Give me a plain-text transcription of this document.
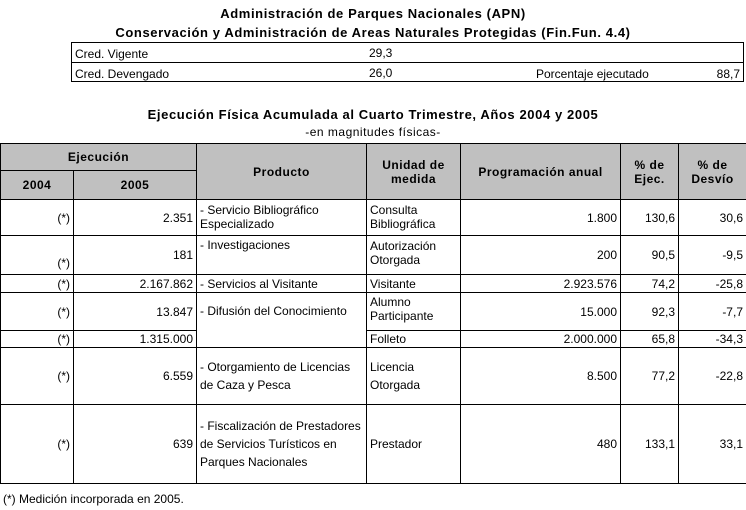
Administración de Parques Nacionales (APN)
Conservación y Administración de Areas Naturales Protegidas (Fin.Fun. 4.4)
Cred. Vigente	29,3
Cred. Devengado	26,0	Porcentaje ejecutado	88,7
Ejecución Física Acumulada al Cuarto Trimestre, Años 2004 y 2005
-en magnitudes físicas-
Ejecución		Producto	Unidad de medida	Programación anual	% de Ejec.	% de Desvío
2004	2005					
(*)	2.351	- Servicio Bibliográfico Especializado	Consulta Bibliográfica	1.800	130,6	30,6
(*)	181	- Investigaciones	Autorización Otorgada	200	90,5	-9,5
(*)	2.167.862	- Servicios al Visitante	Visitante	2.923.576	74,2	-25,8
(*)	13.847	- Difusión del Conocimiento	Alumno Participante	15.000	92,3	-7,7
(*)	1.315.000		Folleto	2.000.000	65,8	-34,3
(*)	6.559	- Otorgamiento de Licencias de Caza y Pesca	Licencia Otorgada	8.500	77,2	-22,8
(*)	639	- Fiscalización de Prestadores de Servicios Turísticos en Parques Nacionales	Prestador	480	133,1	33,1
(*) Medición incorporada en 2005.
